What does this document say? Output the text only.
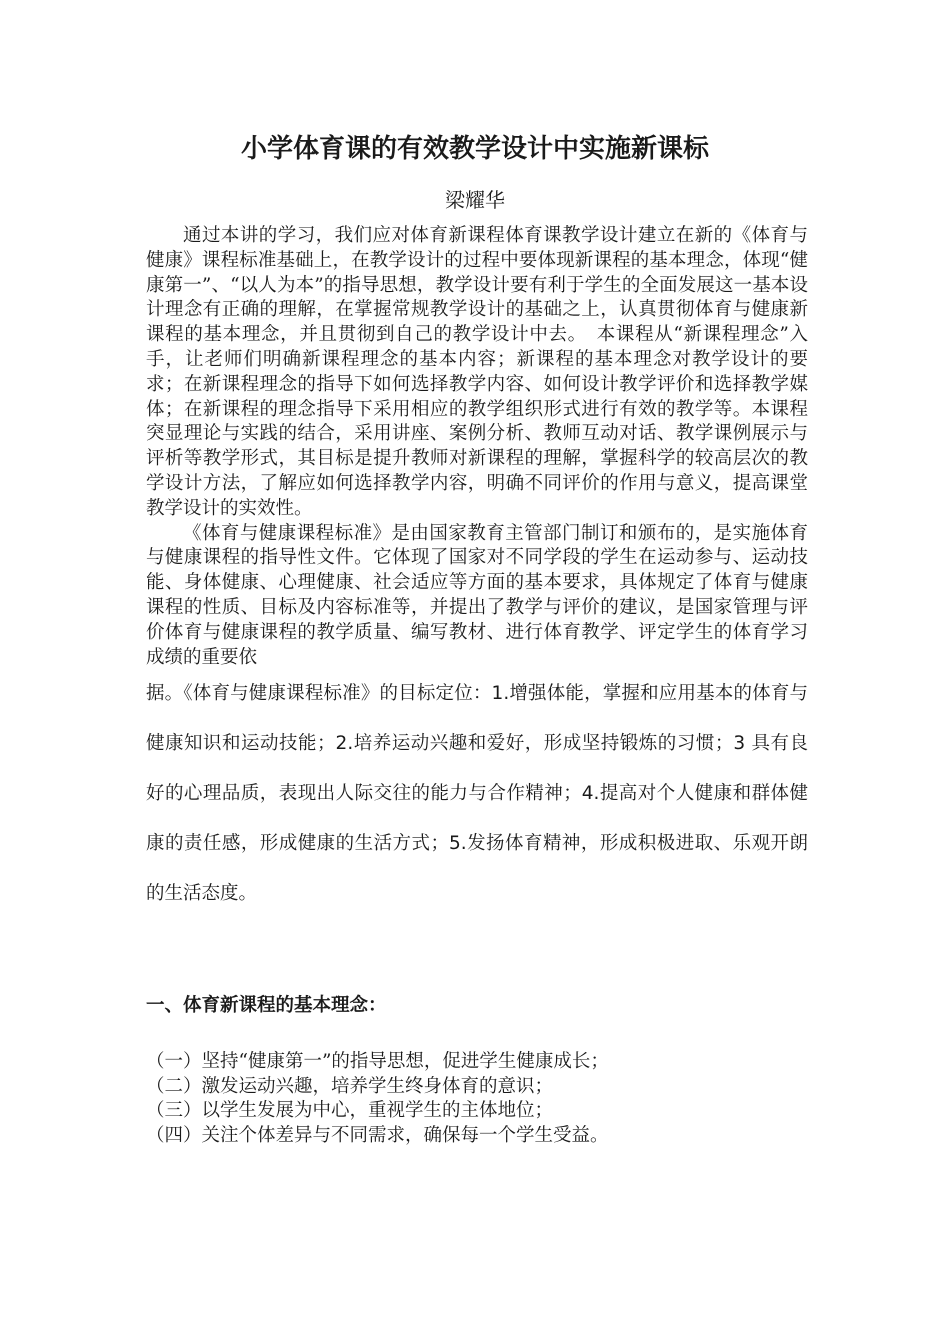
小学体育课的有效教学设计中实施新课标
梁耀华

通过本讲的学习，我们应对体育新课程体育课教学设计建立在新的《体育与健康》课程标准基础上，在教学设计的过程中要体现新课程的基本理念，体现“健康第一”、“以人为本”的指导思想，教学设计要有利于学生的全面发展这一基本设计理念有正确的理解，在掌握常规教学设计的基础之上，认真贯彻体育与健康新课程的基本理念，并且贯彻到自己的教学设计中去。　本课程从“新课程理念”入手，让老师们明确新课程理念的基本内容；新课程的基本理念对教学设计的要求；在新课程理念的指导下如何选择教学内容、如何设计教学评价和选择教学媒体；在新课程的理念指导下采用相应的教学组织形式进行有效的教学等。本课程突显理论与实践的结合，采用讲座、案例分析、教师互动对话、教学课例展示与评析等教学形式，其目标是提升教师对新课程的理解，掌握科学的较高层次的教学设计方法，了解应如何选择教学内容，明确不同评价的作用与意义，提高课堂教学设计的实效性。

《体育与健康课程标准》是由国家教育主管部门制订和颁布的，是实施体育与健康课程的指导性文件。它体现了国家对不同学段的学生在运动参与、运动技能、身体健康、心理健康、社会适应等方面的基本要求，具体规定了体育与健康课程的性质、目标及内容标准等，并提出了教学与评价的建议，是国家管理与评价体育与健康课程的教学质量、编写教材、进行体育教学、评定学生的体育学习成绩的重要依

据。《体育与健康课程标准》的目标定位：1.增强体能，掌握和应用基本的体育与健康知识和运动技能；2.培养运动兴趣和爱好，形成坚持锻炼的习惯；3 具有良好的心理品质，表现出人际交往的能力与合作精神；4.提高对个人健康和群体健康的责任感，形成健康的生活方式；5.发扬体育精神，形成积极进取、乐观开朗的生活态度。

一、体育新课程的基本理念：
（一）坚持“健康第一”的指导思想，促进学生健康成长；
（二）激发运动兴趣，培养学生终身体育的意识；
（三）以学生发展为中心，重视学生的主体地位；
（四）关注个体差异与不同需求，确保每一个学生受益。
